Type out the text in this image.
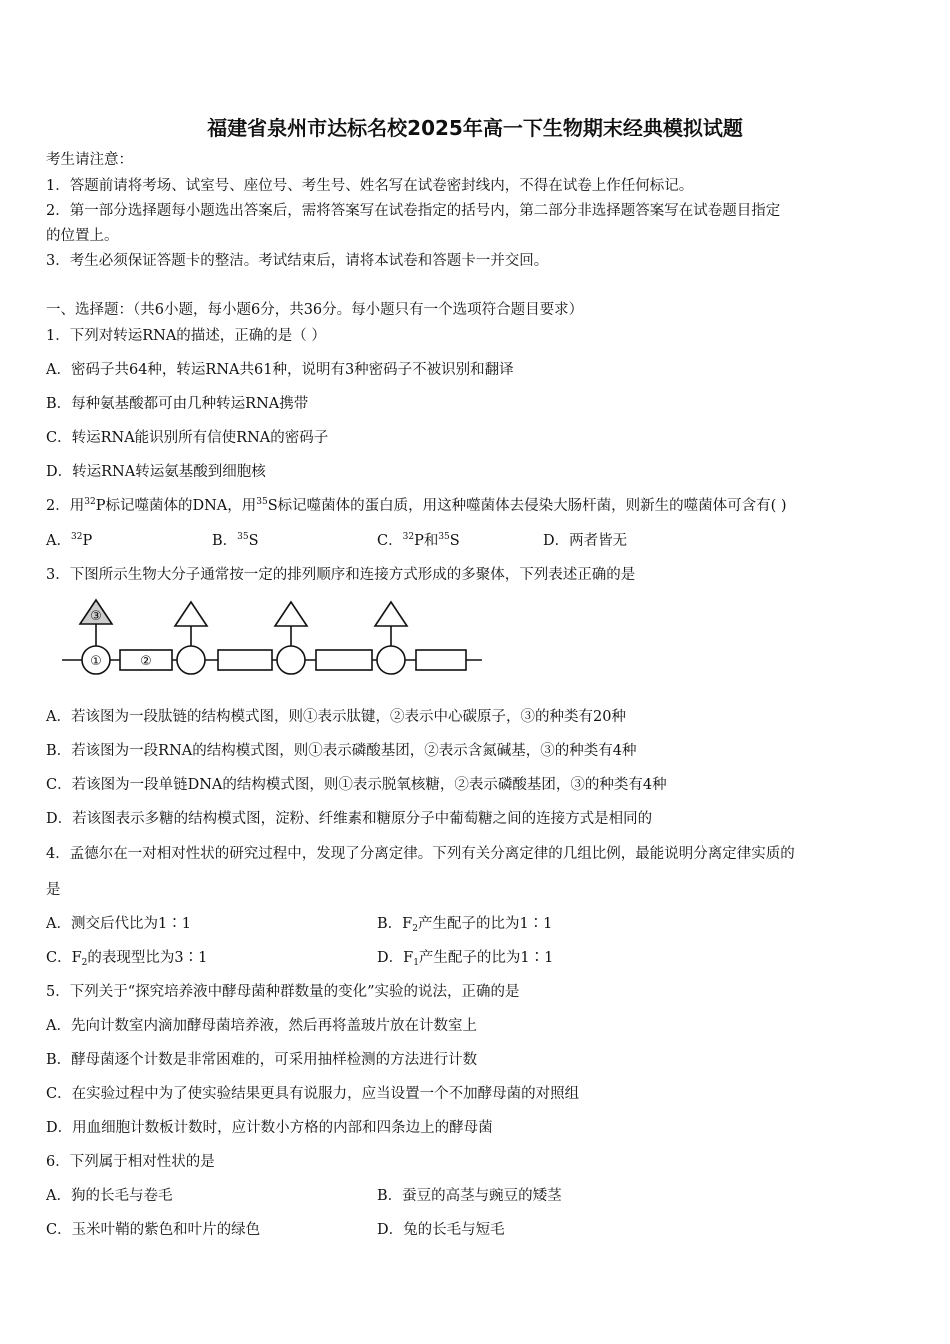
福建省泉州市达标名校2025年高一下生物期末经典模拟试题
考生请注意：
1．答题前请将考场、试室号、座位号、考生号、姓名写在试卷密封线内，不得在试卷上作任何标记。
2．第一部分选择题每小题选出答案后，需将答案写在试卷指定的括号内，第二部分非选择题答案写在试卷题目指定
的位置上。
3．考生必须保证答题卡的整洁。考试结束后，请将本试卷和答题卡一并交回。
一、选择题：（共6小题，每小题6分，共36分。每小题只有一个选项符合题目要求）
1．下列对转运RNA的描述，正确的是（ ）
A．密码子共64种，转运RNA共61种，说明有3种密码子不被识别和翻译
B．每种氨基酸都可由几种转运RNA携带
C．转运RNA能识别所有信使RNA的密码子
D．转运RNA转运氨基酸到细胞核
2．用$^{32}$P标记噬菌体的DNA，用$^{35}$S标记噬菌体的蛋白质，用这种噬菌体去侵染大肠杆菌，则新生的噬菌体可含有( )
A．$^{32}$P	B．$^{35}$S	C．$^{32}$P和$^{35}$S	D．两者皆无
3．下图所示生物大分子通常按一定的排列顺序和连接方式形成的多聚体，下列表述正确的是
①	②
③
A．若该图为一段肽链的结构模式图，则①表示肽键，②表示中心碳原子，③的种类有20种
B．若该图为一段RNA的结构模式图，则①表示磷酸基团，②表示含氮碱基，③的种类有4种
C．若该图为一段单链DNA的结构模式图，则①表示脱氧核糖，②表示磷酸基团，③的种类有4种
D．若该图表示多糖的结构模式图，淀粉、纤维素和糖原分子中葡萄糖之间的连接方式是相同的
4．孟德尔在一对相对性状的研究过程中，发现了分离定律。下列有关分离定律的几组比例，最能说明分离定律实质的
是
A．测交后代比为1∶1	B．$F_2$产生配子的比为1∶1
C．$F_2$的表现型比为3∶1	D．$F_1$产生配子的比为1∶1
5．下列关于“探究培养液中酵母菌种群数量的变化”实验的说法，正确的是
A．先向计数室内滴加酵母菌培养液，然后再将盖玻片放在计数室上
B．酵母菌逐个计数是非常困难的，可采用抽样检测的方法进行计数
C．在实验过程中为了使实验结果更具有说服力，应当设置一个不加酵母菌的对照组
D．用血细胞计数板计数时，应计数小方格的内部和四条边上的酵母菌
6．下列属于相对性状的是
A．狗的长毛与卷毛	B．蚕豆的高茎与豌豆的矮茎
C．玉米叶鞘的紫色和叶片的绿色	D．兔的长毛与短毛
